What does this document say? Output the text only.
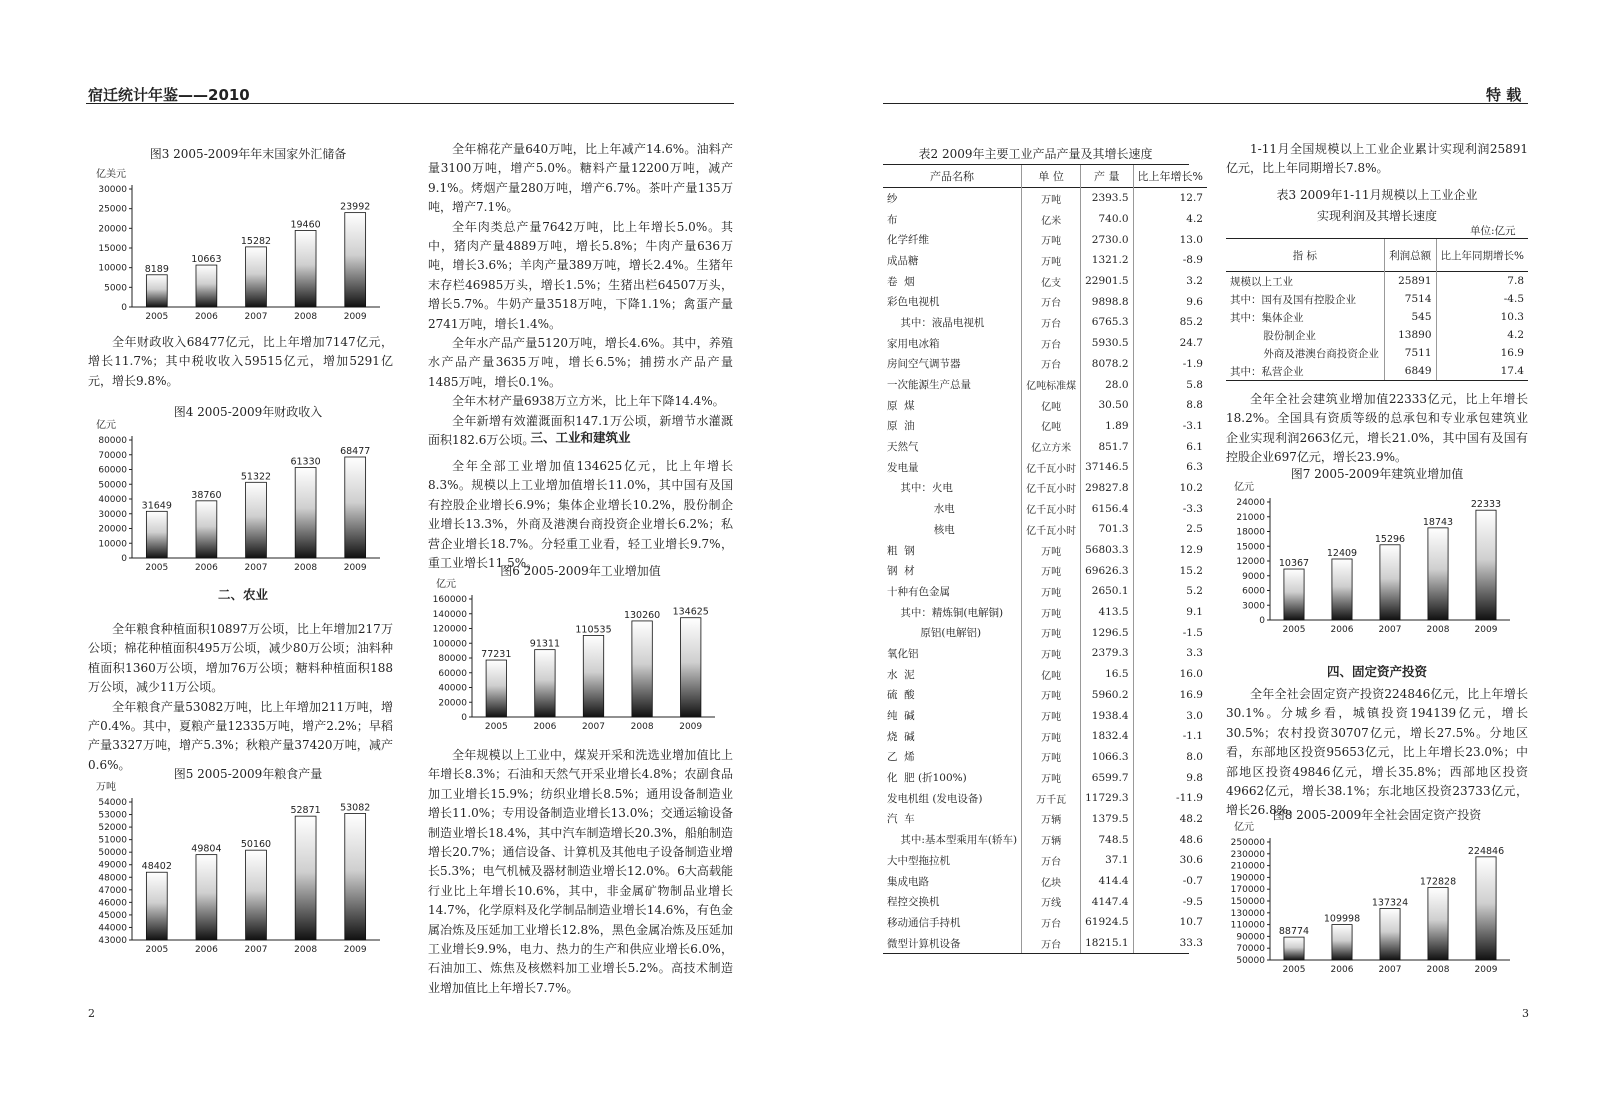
宿迁统计年鉴——2010	特 载
2	3
图3 2005-2009年年末国家外汇储备
亿美元
0
5000
10000
15000
20000
25000
30000
8189
2005
10663
2006
15282
2007
19460
2008
23992
2009

全年财政收入68477亿元，比上年增加7147亿元，增长11.7%；其中税收收入59515亿元，增加5291亿元，增长9.8%。

图4 2005-2009年财政收入
亿元
0
10000
20000
30000
40000
50000
60000
70000
80000
31649
2005
38760
2006
51322
2007
61330
2008
68477
2009
二、农业

全年粮食种植面积10897万公顷，比上年增加217万公顷；棉花种植面积495万公顷，减少80万公顷；油料种植面积1360万公顷，增加76万公顷；糖料种植面积188万公顷，减少11万公顷。

全年粮食产量53082万吨，比上年增加211万吨，增产0.4%。其中，夏粮产量12335万吨，增产2.2%；早稻产量3327万吨，增产5.3%；秋粮产量37420万吨，减产0.6%。

图5 2005-2009年粮食产量
万吨
43000
44000
45000
46000
47000
48000
49000
50000
51000
52000
53000
54000
48402
2005
49804
2006
50160
2007
52871
2008
53082
2009

全年棉花产量640万吨，比上年减产14.6%。油料产量3100万吨，增产5.0%。糖料产量12200万吨，减产9.1%。烤烟产量280万吨，增产6.7%。茶叶产量135万吨，增产7.1%。

全年肉类总产量7642万吨，比上年增长5.0%。其中，猪肉产量4889万吨，增长5.8%；牛肉产量636万吨，增长3.6%；羊肉产量389万吨，增长2.4%。生猪年末存栏46985万头，增长1.5%；生猪出栏64507万头，增长5.7%。牛奶产量3518万吨，下降1.1%；禽蛋产量2741万吨，增长1.4%。

全年水产品产量5120万吨，增长4.6%。其中，养殖水产品产量3635万吨，增长6.5%；捕捞水产品产量1485万吨，增长0.1%。

全年木材产量6938万立方米，比上年下降14.4%。

全年新增有效灌溉面积147.1万公顷，新增节水灌溉面积182.6万公顷。

三、工业和建筑业

全年全部工业增加值134625亿元，比上年增长8.3%。规模以上工业增加值增长11.0%，其中国有及国有控股企业增长6.9%；集体企业增长10.2%，股份制企业增长13.3%，外商及港澳台商投资企业增长6.2%；私营企业增长18.7%。分轻重工业看，轻工业增长9.7%，重工业增长11.5%。

图6 2005-2009年工业增加值
亿元
0
20000
40000
60000
80000
100000
120000
140000
160000
77231
2005
91311
2006
110535
2007
130260
2008
134625
2009

全年规模以上工业中，煤炭开采和洗选业增加值比上年增长8.3%；石油和天然气开采业增长4.8%；农副食品加工业增长15.9%；纺织业增长8.5%；通用设备制造业增长11.0%；专用设备制造业增长13.0%；交通运输设备制造业增长18.4%，其中汽车制造增长20.3%，船舶制造增长20.7%；通信设备、计算机及其他电子设备制造业增长5.3%；电气机械及器材制造业增长12.0%。6大高载能行业比上年增长10.6%，其中，非金属矿物制品业增长14.7%，化学原料及化学制品制造业增长14.6%，有色金属冶炼及压延加工业增长12.8%，黑色金属冶炼及压延加工业增长9.9%，电力、热力的生产和供应业增长6.0%，石油加工、炼焦及核燃料加工业增长5.2%。高技术制造业增加值比上年增长7.7%。

表2 2009年主要工业产品产量及其增长速度
产品名称	单 位	产 量	比上年增长%
纱	万吨	2393.5	12.7
布	亿米	740.0	4.2
化学纤维	万吨	2730.0	13.0
成品糖	万吨	1321.2	-8.9
卷  烟	亿支	22901.5	3.2
彩色电视机	万台	9898.8	9.6
其中：液晶电视机	万台	6765.3	85.2
家用电冰箱	万台	5930.5	24.7
房间空气调节器	万台	8078.2	-1.9
一次能源生产总量	亿吨标准煤	28.0	5.8
原  煤	亿吨	30.50	8.8
原  油	亿吨	1.89	-3.1
天然气	亿立方米	851.7	6.1
发电量	亿千瓦小时	37146.5	6.3
其中：火电	亿千瓦小时	29827.8	10.2
水电	亿千瓦小时	6156.4	-3.3
核电	亿千瓦小时	701.3	2.5
粗  钢	万吨	56803.3	12.9
钢  材	万吨	69626.3	15.2
十种有色金属	万吨	2650.1	5.2
其中：精炼铜(电解铜)	万吨	413.5	9.1
原铝(电解铝)	万吨	1296.5	-1.5
氧化铝	万吨	2379.3	3.3
水  泥	亿吨	16.5	16.0
硫  酸	万吨	5960.2	16.9
纯  碱	万吨	1938.4	3.0
烧  碱	万吨	1832.4	-1.1
乙  烯	万吨	1066.3	8.0
化  肥 (折100%)	万吨	6599.7	9.8
发电机组 (发电设备)	万千瓦	11729.3	-11.9
汽  车	万辆	1379.5	48.2
其中:基本型乘用车(轿车)	万辆	748.5	48.6
大中型拖拉机	万台	37.1	30.6
集成电路	亿块	414.4	-0.7
程控交换机	万线	4147.4	-9.5
移动通信手持机	万台	61924.5	10.7
微型计算机设备	万台	18215.1	33.3

1-11月全国规模以上工业企业累计实现利润25891亿元，比上年同期增长7.8%。

表3 2009年1-11月规模以上工业企业
实现利润及其增长速度
单位:亿元
指 标	利润总额	比上年同期增长%
规模以上工业	25891	7.8
其中：国有及国有控股企业	7514	-4.5
其中：集体企业	545	10.3
股份制企业	13890	4.2
外商及港澳台商投资企业	7511	16.9
其中：私营企业	6849	17.4

全年全社会建筑业增加值22333亿元，比上年增长18.2%。全国具有资质等级的总承包和专业承包建筑业企业实现利润2663亿元，增长21.0%，其中国有及国有控股企业697亿元，增长23.9%。

图7 2005-2009年建筑业增加值
亿元
0
3000
6000
9000
12000
15000
18000
21000
24000
10367
2005
12409
2006
15296
2007
18743
2008
22333
2009
四、固定资产投资

全年全社会固定资产投资224846亿元，比上年增长30.1%。分城乡看，城镇投资194139亿元，增长30.5%；农村投资30707亿元，增长27.5%。分地区看，东部地区投资95653亿元，比上年增长23.0%；中部地区投资49846亿元，增长35.8%；西部地区投资49662亿元，增长38.1%；东北地区投资23733亿元，增长26.8%。

图8 2005-2009年全社会固定资产投资
亿元
50000
70000
90000
110000
130000
150000
170000
190000
210000
230000
250000
88774
2005
109998
2006
137324
2007
172828
2008
224846
2009
